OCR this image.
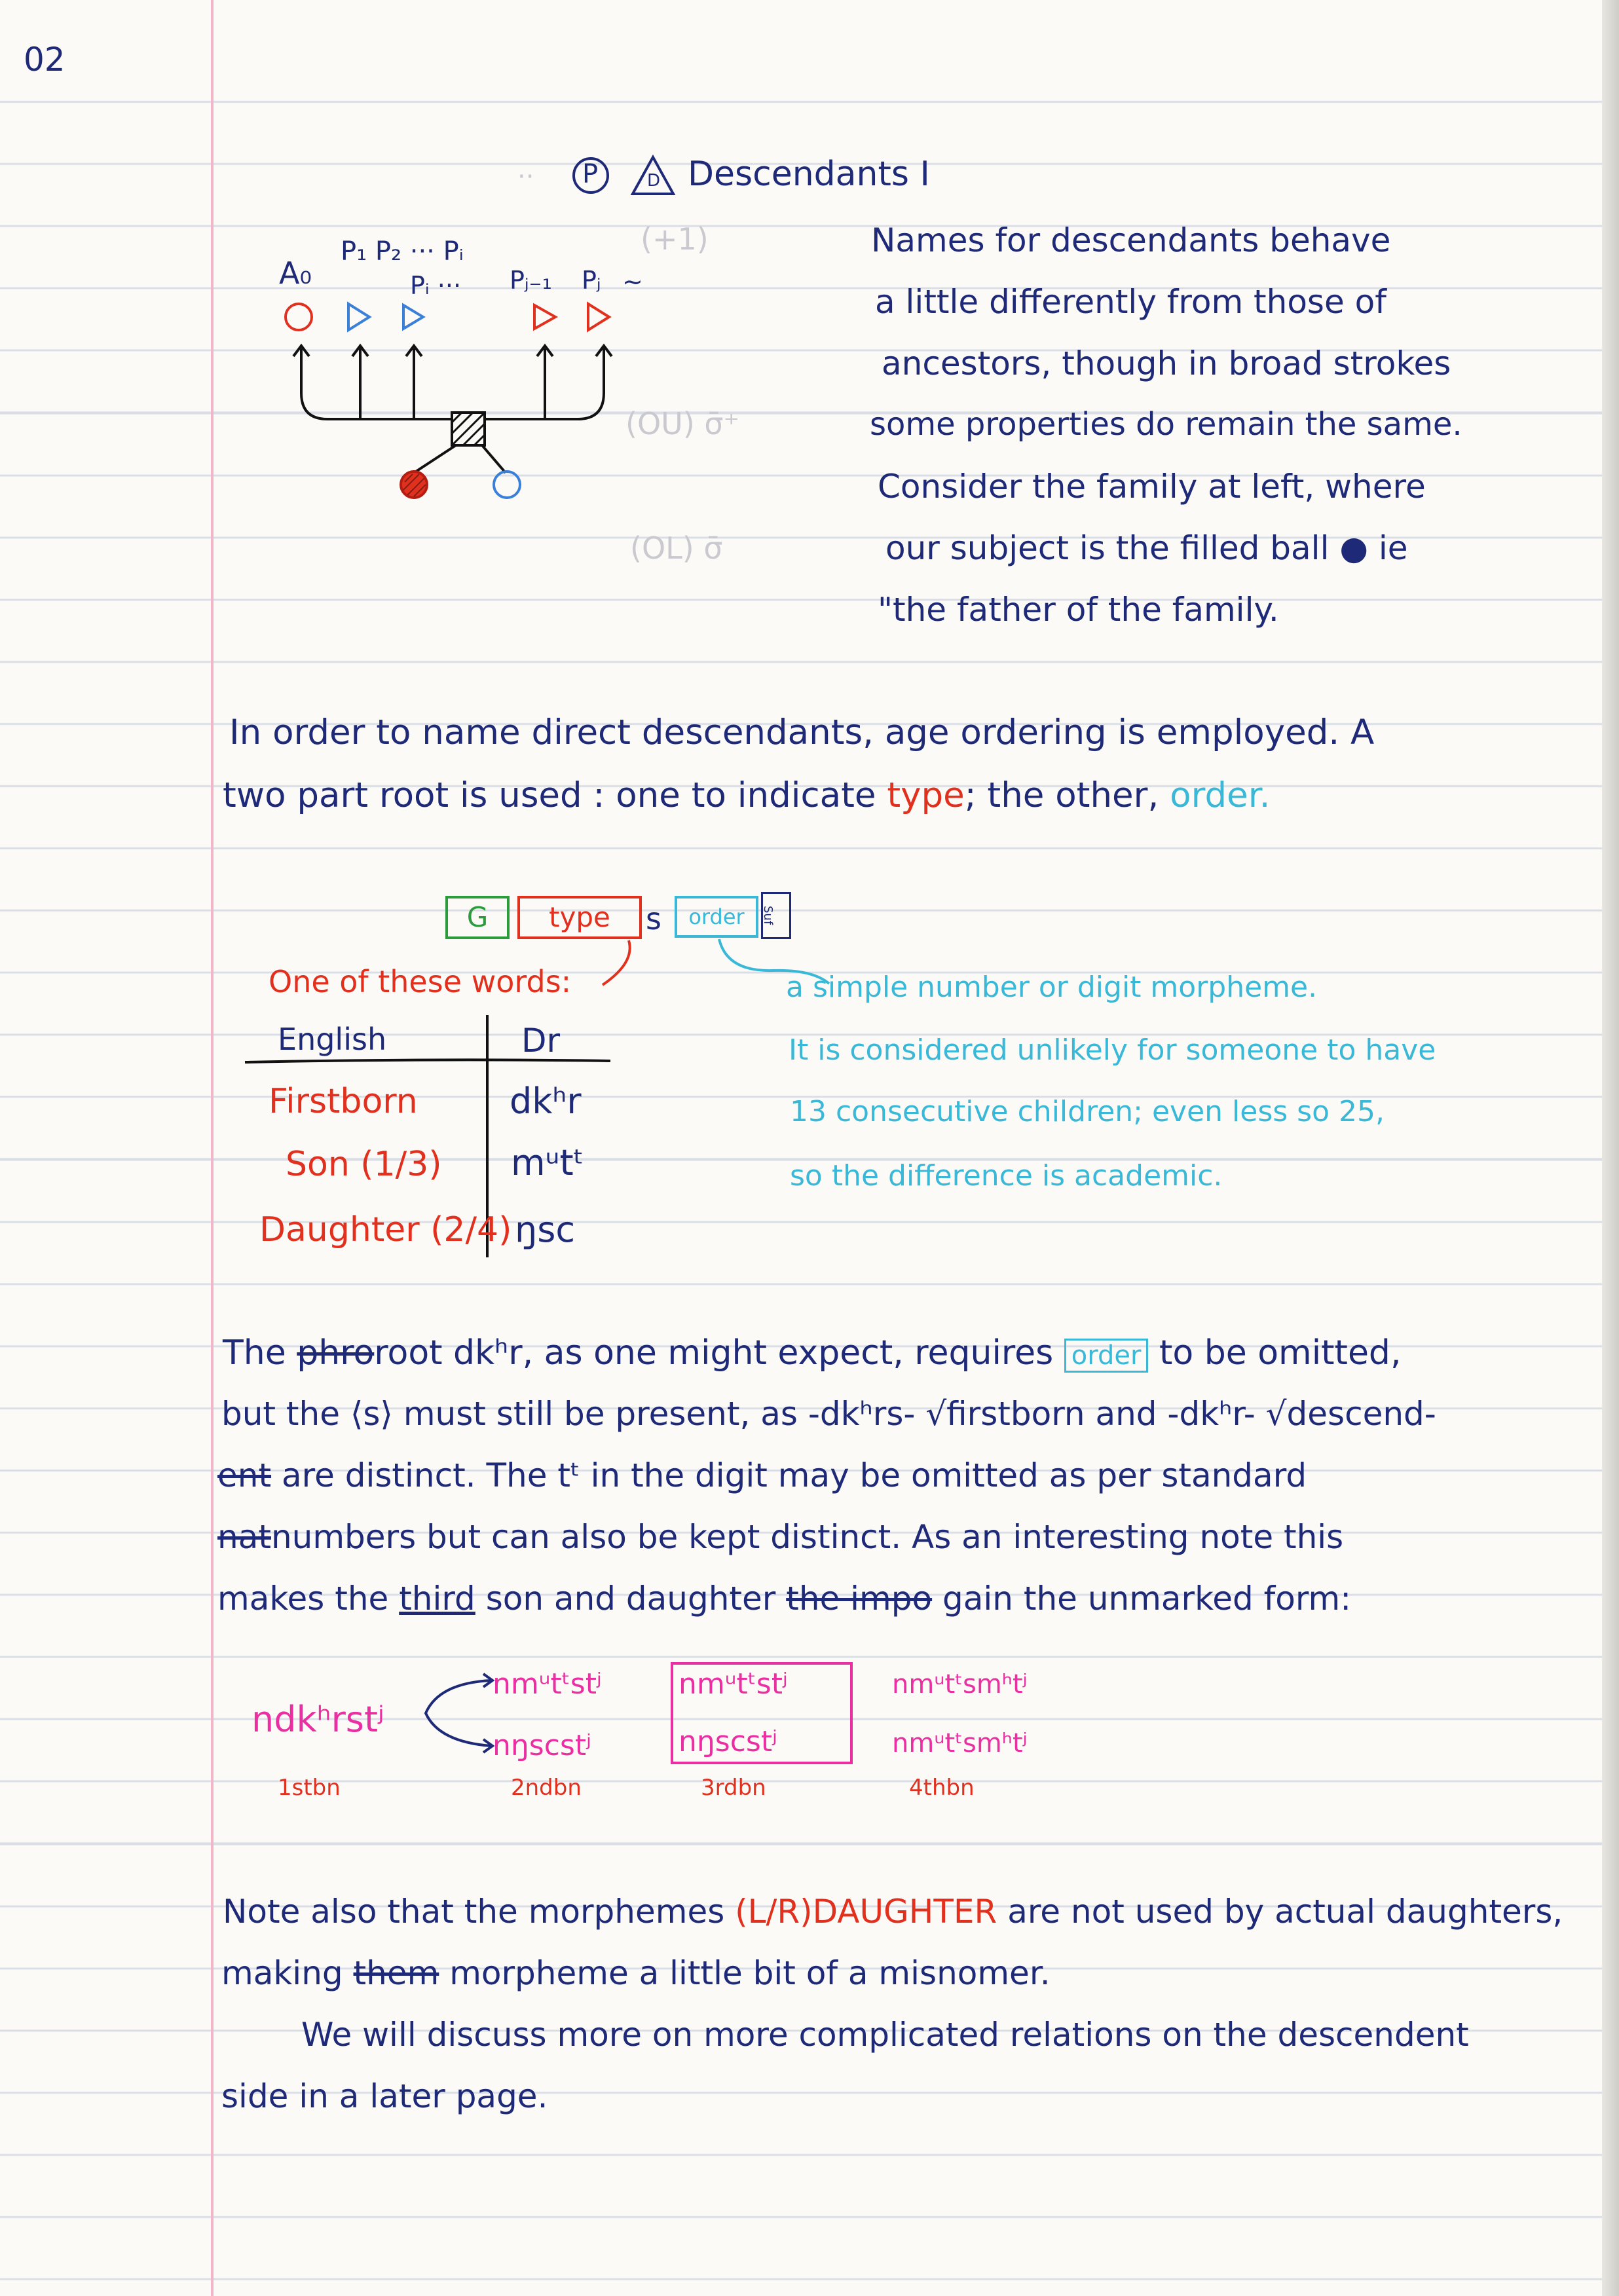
02
P	D Descendants I
··
(+1)
(OU) σ̄⁺
(OL) σ̄
A₀
P₁ P₂ ··· Pᵢ
Pᵢ ··· Pⱼ₋₁ Pⱼ ~
Names for descendants behave
a little differently from those of
ancestors, though in broad strokes
some properties do remain the same.
Consider the family at left, where
our subject is the filled ball ● ie
"the father of the family.
In order to name direct descendants, age ordering is employed. A
two part root is used : one to indicate type; the other, order.
G	type	s	order	Suf
One of these words:
English	Dr
Firstborn	dkʰr
Son (1/3) mᵘtᵗ
Daughter (2/4) ŋsc
a simple number or digit morpheme.
It is considered unlikely for someone to have
13 consecutive children; even less so 25,
so the difference is academic.
The phroroot dkʰr, as one might expect, requires order to be omitted,
but the ⟨s⟩ must still be present, as -dkʰrs- √firstborn and -dkʰr- √descend-
ent are distinct. The tᵗ in the digit may be omitted as per standard
natnumbers but can also be kept distinct. As an interesting note this
makes the third son and daughter the impo gain the unmarked form:
ndkʰrstʲ
nmᵘtᵗstʲ
nŋscstʲ
nmᵘtᵗstʲ
nŋscstʲ
nmᵘtᵗsmʰtʲ
nmᵘtᵗsmʰtʲ
1stbn	2ndbn	3rdbn	4thbn
Note also that the morphemes (L/R)DAUGHTER are not used by actual daughters,
making them morpheme a little bit of a misnomer.
We will discuss more on more complicated relations on the descendent
side in a later page.
